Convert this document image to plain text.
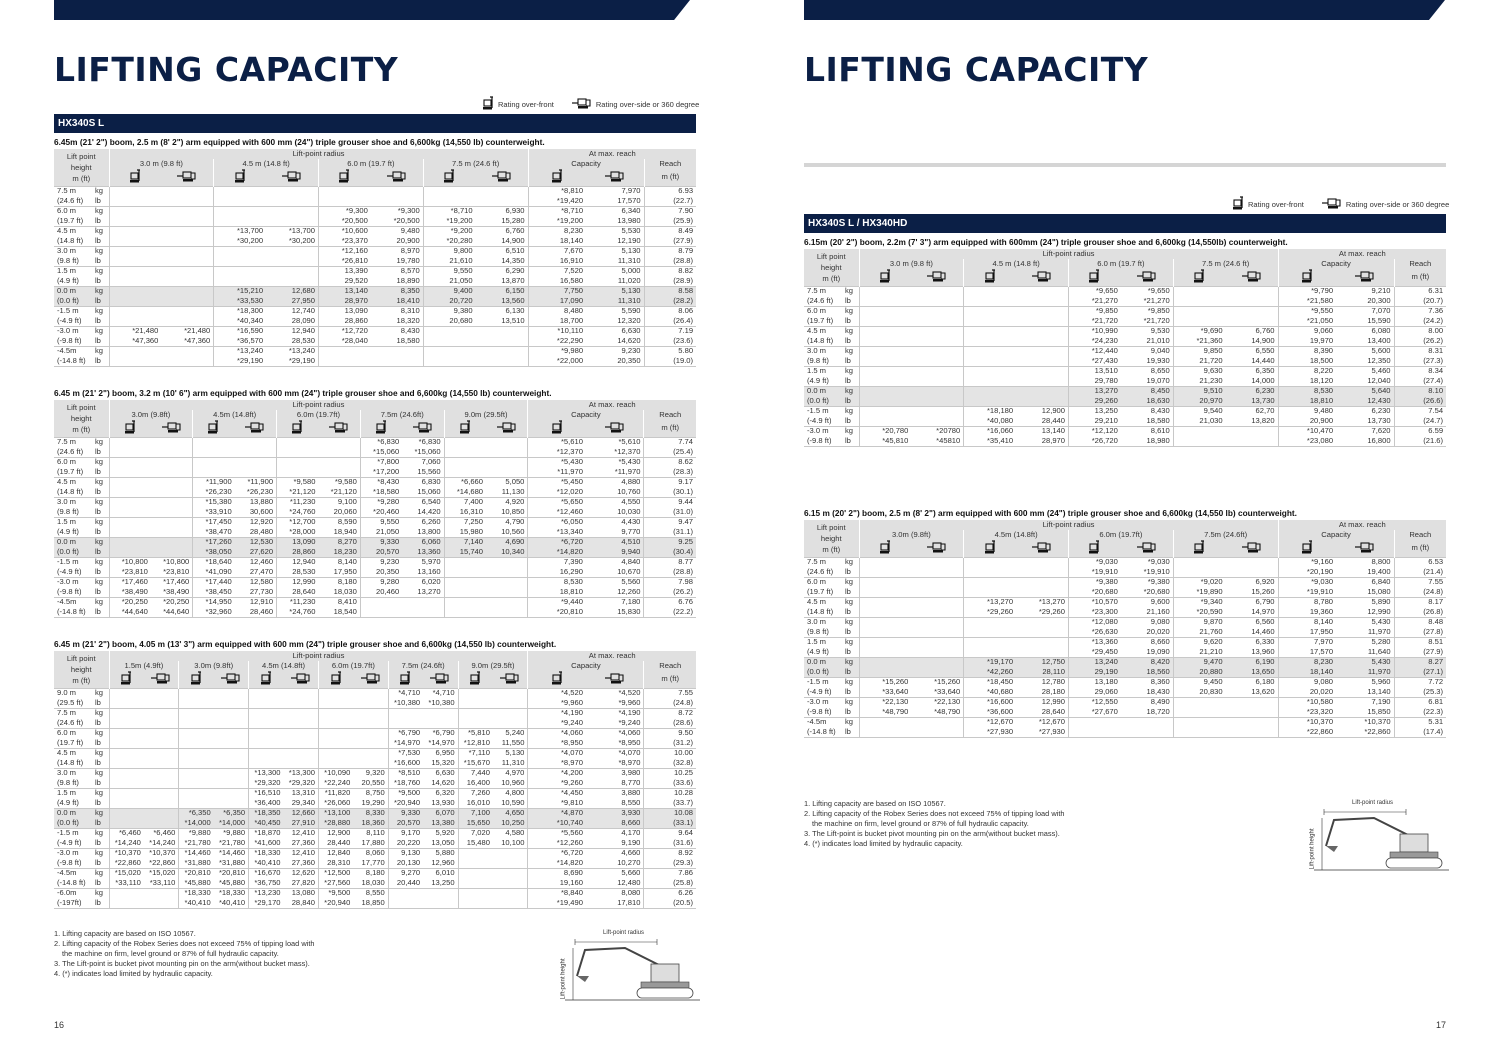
LIFTING CAPACITY	LIFTING CAPACITY
Rating over-front	Rating over-side or 360 degree
Rating over-front	Rating over-side or 360 degree
HX340S L
HX340S L / HX340HD
6.45m (21' 2") boom, 2.5 m (8' 2") arm equipped with 600 mm (24") triple grouser shoe and 6,600kg (14,550 lb) counterweight.
Lift point
height
m (ft)		Lift-point radius								At max. reach		
		3.0 m (9.8 ft)		4.5 m (14.8 ft)		6.0 m (19.7 ft)		7.5 m (24.6 ft)		Capacity		Reach
										m (ft)
7.5 m	kg									*8,810	7,970	6.93
(24.6 ft)	lb									*19,420	17,570	(22.7)
6.0 m	kg					*9,300	*9,300	*8,710	6,930	*8,710	6,340	7.90
(19.7 ft)	lb					*20,500	*20,500	*19,200	15,280	*19,200	13,980	(25.9)
4.5 m	kg			*13,700	*13,700	*10,600	9,480	*9,200	6,760	8,230	5,530	8.49
(14.8 ft)	lb			*30,200	*30,200	*23,370	20,900	*20,280	14,900	18,140	12,190	(27.9)
3.0 m	kg					*12,160	8,970	9,800	6,510	7,670	5,130	8.79
(9.8 ft)	lb					*26,810	19,780	21,610	14,350	16,910	11,310	(28.8)
1.5 m	kg					13,390	8,570	9,550	6,290	7,520	5,000	8.82
(4.9 ft)	lb					29,520	18,890	21,050	13,870	16,580	11,020	(28.9)
0.0 m	kg			*15,210	12,680	13,140	8,350	9,400	6,150	7,750	5,130	8.58
(0.0 ft)	lb			*33,530	27,950	28,970	18,410	20,720	13,560	17,090	11,310	(28.2)
-1.5 m	kg			*18,300	12,740	13,090	8,310	9,380	6,130	8,480	5,590	8.06
(-4.9 ft)	lb			*40,340	28,090	28,860	18,320	20,680	13,510	18,700	12,320	(26.4)
-3.0 m	kg	*21,480	*21,480	*16,590	12,940	*12,720	8,430			*10,110	6,630	7.19
(-9.8 ft)	lb	*47,360	*47,360	*36,570	28,530	*28,040	18,580			*22,290	14,620	(23.6)
-4.5m	kg			*13,240	*13,240					*9,980	9,230	5.80
(-14.8 ft)	lb			*29,190	*29,190					*22,000	20,350	(19.0)
6.45 m (21' 2") boom, 3.2 m (10' 6") arm equipped with 600 mm (24") triple grouser shoe and 6,600kg (14,550 lb) counterweight.
Lift point
height
m (ft)		Lift-point radius										At max. reach		
		3.0m (9.8ft)		4.5m (14.8ft)		6.0m (19.7ft)		7.5m (24.6ft)		9.0m (29.5ft)		Capacity		Reach
												m (ft)
7.5 m	kg							*6,830	*6,830			*5,610	*5,610	7.74
(24.6 ft)	lb							*15,060	*15,060			*12,370	*12,370	(25.4)
6.0 m	kg							*7,800	7,060			*5,430	*5,430	8.62
(19.7 ft)	lb							*17,200	15,560			*11,970	*11,970	(28.3)
4.5 m	kg			*11,900	*11,900	*9,580	*9,580	*8,430	6,830	*6,660	5,050	*5,450	4,880	9.17
(14.8 ft)	lb			*26,230	*26,230	*21,120	*21,120	*18,580	15,060	*14,680	11,130	*12,020	10,760	(30.1)
3.0 m	kg			*15,380	13,880	*11,230	9,100	*9,280	6,540	7,400	4,920	*5,650	4,550	9.44
(9.8 ft)	lb			*33,910	30,600	*24,760	20,060	*20,460	14,420	16,310	10,850	*12,460	10,030	(31.0)
1.5 m	kg			*17,450	12,920	*12,700	8,590	9,550	6,260	7,250	4,790	*6,050	4,430	9.47
(4.9 ft)	lb			*38,470	28,480	*28,000	18,940	21,050	13,800	15,980	10,560	*13,340	9,770	(31.1)
0.0 m	kg			*17,260	12,530	13,090	8,270	9,330	6,060	7,140	4,690	*6,720	4,510	9.25
(0.0 ft)	lb			*38,050	27,620	28,860	18,230	20,570	13,360	15,740	10,340	*14,820	9,940	(30.4)
-1.5 m	kg	*10,800	*10,800	*18,640	12,460	12,940	8,140	9,230	5,970			7,390	4,840	8.77
(-4.9 ft)	lb	*23,810	*23,810	*41,090	27,470	28,530	17,950	20,350	13,160			16,290	10,670	(28.8)
-3.0 m	kg	*17,460	*17,460	*17,440	12,580	12,990	8,180	9,280	6,020			8,530	5,560	7.98
(-9.8 ft)	lb	*38,490	*38,490	*38,450	27,730	28,640	18,030	20,460	13,270			18,810	12,260	(26.2)
-4.5m	kg	*20,250	*20,250	*14,950	12,910	*11,230	8,410					*9,440	7,180	6.76
(-14.8 ft)	lb	*44,640	*44,640	*32,960	28,460	*24,760	18,540					*20,810	15,830	(22.2)
6.45 m (21' 2") boom, 4.05 m (13' 3") arm equipped with 600 mm (24") triple grouser shoe and 6,600kg (14,550 lb) counterweight.
Lift point
height
m (ft)		Lift-point radius												At max. reach		
		1.5m (4.9ft)		3.0m (9.8ft)		4.5m (14.8ft)		6.0m (19.7ft)		7.5m (24.6ft)		9.0m (29.5ft)		Capacity		Reach
														m (ft)
9.0 m	kg									*4,710	*4,710			*4,520	*4,520	7.55
(29.5 ft)	lb									*10,380	*10,380			*9,960	*9,960	(24.8)
7.5 m	kg													*4,190	*4,190	8.72
(24.6 ft)	lb													*9,240	*9,240	(28.6)
6.0 m	kg									*6,790	*6,790	*5,810	5,240	*4,060	*4,060	9.50
(19.7 ft)	lb									*14,970	*14,970	*12,810	11,550	*8,950	*8,950	(31.2)
4.5 m	kg									*7,530	6,950	*7,110	5,130	*4,070	*4,070	10.00
(14.8 ft)	lb									*16,600	15,320	*15,670	11,310	*8,970	*8,970	(32.8)
3.0 m	kg					*13,300	*13,300	*10,090	9,320	*8,510	6,630	7,440	4,970	*4,200	3,980	10.25
(9.8 ft)	lb					*29,320	*29,320	*22,240	20,550	*18,760	14,620	16,400	10,960	*9,260	8,770	(33.6)
1.5 m	kg					*16,510	13,310	*11,820	8,750	*9,500	6,320	7,260	4,800	*4,450	3,880	10.28
(4.9 ft)	lb					*36,400	29,340	*26,060	19,290	*20,940	13,930	16,010	10,590	*9,810	8,550	(33.7)
0.0 m	kg			*6,350	*6,350	*18,350	12,660	*13,100	8,330	9,330	6,070	7,100	4,650	*4,870	3,930	10.08
(0.0 ft)	lb			*14,000	*14,000	*40,450	27,910	*28,880	18,360	20,570	13,380	15,650	10,250	*10,740	8,660	(33.1)
-1.5 m	kg	*6,460	*6,460	*9,880	*9,880	*18,870	12,410	12,900	8,110	9,170	5,920	7,020	4,580	*5,560	4,170	9.64
(-4.9 ft)	lb	*14,240	*14,240	*21,780	*21,780	*41,600	27,360	28,440	17,880	20,220	13,050	15,480	10,100	*12,260	9,190	(31.6)
-3.0 m	kg	*10,370	*10,370	*14,460	*14,460	*18,330	12,410	12,840	8,060	9,130	5,880			*6,720	4,660	8.92
(-9.8 ft)	lb	*22,860	*22,860	*31,880	*31,880	*40,410	27,360	28,310	17,770	20,130	12,960			*14,820	10,270	(29.3)
-4.5m	kg	*15,020	*15,020	*20,810	*20,810	*16,670	12,620	*12,500	8,180	9,270	6,010			8,690	5,660	7.86
(-14.8 ft)	lb	*33,110	*33,110	*45,880	*45,880	*36,750	27,820	*27,560	18,030	20,440	13,250			19,160	12,480	(25.8)
-6.0m	kg			*18,330	*18,330	*13,230	13,080	*9,500	8,550					*8,840	8,080	6.26
(-197ft)	lb			*40,410	*40,410	*29,170	28,840	*20,940	18,850					*19,490	17,810	(20.5)
6.15m (20' 2") boom, 2.2m (7' 3") arm equipped with 600mm (24") triple grouser shoe and 6,600kg (14,550lb) counterweight.
Lift point
height
m (ft)		Lift-point radius								At max. reach		
		3.0 m (9.8 ft)		4.5 m (14.8 ft)		6.0 m (19.7 ft)		7.5 m (24.6 ft)		Capacity		Reach
										m (ft)
7.5 m	kg					*9,650	*9,650			*9,790	9,210	6.31
(24.6 ft)	lb					*21,270	*21,270			*21,580	20,300	(20.7)
6.0 m	kg					*9,850	*9,850			*9,550	7,070	7.36
(19.7 ft)	lb					*21,720	*21,720			*21,050	15,590	(24.2)
4.5 m	kg					*10,990	9,530	*9,690	6,760	9,060	6,080	8.00
(14.8 ft)	lb					*24,230	21,010	*21,360	14,900	19,970	13,400	(26.2)
3.0 m	kg					*12,440	9,040	9,850	6,550	8,390	5,600	8.31
(9.8 ft)	lb					*27,430	19,930	21,720	14,440	18,500	12,350	(27.3)
1.5 m	kg					13,510	8,650	9,630	6,350	8,220	5,460	8.34
(4.9 ft)	lb					29,780	19,070	21,230	14,000	18,120	12,040	(27.4)
0.0 m	kg					13,270	8,450	9,510	6,230	8,530	5,640	8.10
(0.0 ft)	lb					29,260	18,630	20,970	13,730	18,810	12,430	(26.6)
-1.5 m	kg			*18,180	12,900	13,250	8,430	9,540	62,70	9,480	6,230	7.54
(-4.9 ft)	lb			*40,080	28,440	29,210	18,580	21,030	13,820	20,900	13,730	(24.7)
-3.0 m	kg	*20,780	*20780	*16,060	13,140	*12,120	8,610			*10,470	7,620	6.59
(-9.8 ft)	lb	*45,810	*45810	*35,410	28,970	*26,720	18,980			*23,080	16,800	(21.6)
6.15 m (20' 2") boom, 2.5 m (8' 2") arm equipped with 600 mm (24") triple grouser shoe and 6,600kg (14,550 lb) counterweight.
Lift point
height
m (ft)		Lift-point radius								At max. reach		
		3.0m (9.8ft)		4.5m (14.8ft)		6.0m (19.7ft)		7.5m (24.6ft)		Capacity		Reach
										m (ft)
7.5 m	kg					*9,030	*9,030			*9,160	8,800	6.53
(24.6 ft)	lb					*19,910	*19,910			*20,190	19,400	(21.4)
6.0 m	kg					*9,380	*9,380	*9,020	6,920	*9,030	6,840	7.55
(19.7 ft)	lb					*20,680	*20,680	*19,890	15,260	*19,910	15,080	(24.8)
4.5 m	kg			*13,270	*13,270	*10,570	9,600	*9,340	6,790	8,780	5,890	8.17
(14.8 ft)	lb			*29,260	*29,260	*23,300	21,160	*20,590	14,970	19,360	12,990	(26.8)
3.0 m	kg					*12,080	9,080	9,870	6,560	8,140	5,430	8.48
(9.8 ft)	lb					*26,630	20,020	21,760	14,460	17,950	11,970	(27.8)
1.5 m	kg					*13,360	8,660	9,620	6,330	7,970	5,280	8.51
(4.9 ft)	lb					*29,450	19,090	21,210	13,960	17,570	11,640	(27.9)
0.0 m	kg			*19,170	12,750	13,240	8,420	9,470	6,190	8,230	5,430	8.27
(0.0 ft)	lb			*42,260	28,110	29,190	18,560	20,880	13,650	18,140	11,970	(27.1)
-1.5 m	kg	*15,260	*15,260	*18,450	12,780	13,180	8,360	9,450	6,180	9,080	5,960	7.72
(-4.9 ft)	lb	*33,640	*33,640	*40,680	28,180	29,060	18,430	20,830	13,620	20,020	13,140	(25.3)
-3.0 m	kg	*22,130	*22,130	*16,600	12,990	*12,550	8,490			*10,580	7,190	6.81
(-9.8 ft)	lb	*48,790	*48,790	*36,600	28,640	*27,670	18,720			*23,320	15,850	(22.3)
-4.5m	kg			*12,670	*12,670					*10,370	*10,370	5.31
(-14.8 ft)	lb			*27,930	*27,930					*22,860	*22,860	(17.4)
1. Lifting capacity are based on ISO 10567.
2. Lifting capacity of the Robex Series does not exceed 75% of tipping load with
the machine on firm, level ground or 87% of full hydraulic capacity.
3. The Lift-point is bucket pivot mounting pin on the arm(without bucket mass).
4. (*) indicates load limited by hydraulic capacity.
1. Lifting capacity are based on ISO 10567.
2. Lifting capacity of the Robex Series does not exceed 75% of tipping load with
the machine on firm, level ground or 87% of full hydraulic capacity.
3. The Lift-point is bucket pivot mounting pin on the arm(without bucket mass).
4. (*) indicates load limited by hydraulic capacity.
Lift-point radius
Lift-point height
Lift-point radius
Lift-point height
16	17
